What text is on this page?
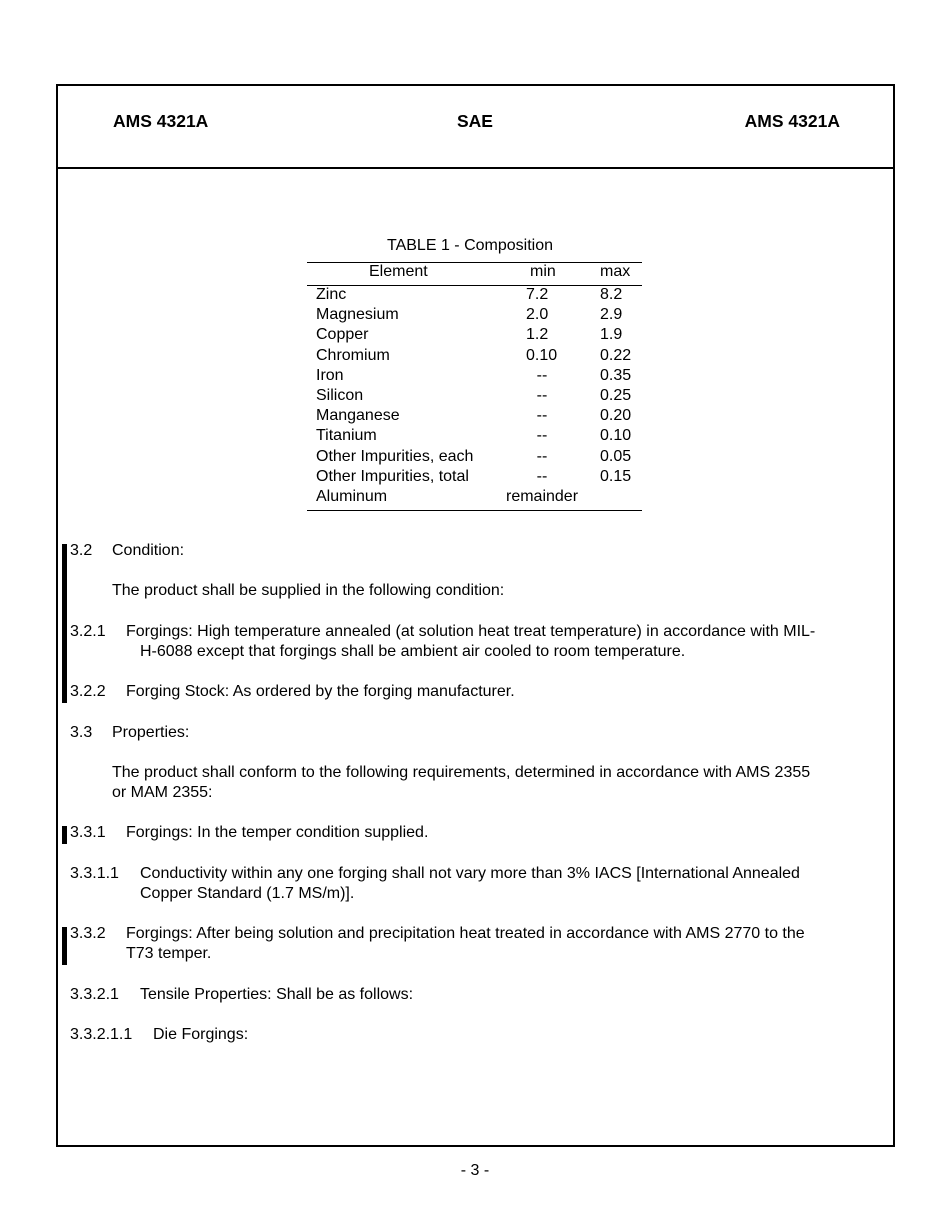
AMS 4321A	SAE	AMS 4321A
TABLE 1 - Composition
Element	min	max
Zinc	7.2	8.2
Magnesium	2.0	2.9
Copper	1.2	1.9
Chromium	0.10	0.22
Iron	--	0.35
Silicon	--	0.25
Manganese	--	0.20
Titanium	--	0.10
Other Impurities, each	--	0.05
Other Impurities, total	--	0.15
Aluminum	remainder
3.2 Condition:
The product shall be supplied in the following condition:
3.2.1 Forgings: High temperature annealed (at solution heat treat temperature) in accordance with MIL-
H-6088 except that forgings shall be ambient air cooled to room temperature.
3.2.2 Forging Stock: As ordered by the forging manufacturer.
3.3 Properties:
The product shall conform to the following requirements, determined in accordance with AMS 2355
or MAM 2355:
3.3.1 Forgings: In the temper condition supplied.
3.3.1.1 Conductivity within any one forging shall not vary more than 3% IACS [International Annealed
Copper Standard (1.7 MS/m)].
3.3.2 Forgings: After being solution and precipitation heat treated in accordance with AMS 2770 to the
T73 temper.
3.3.2.1 Tensile Properties: Shall be as follows:
3.3.2.1.1 Die Forgings:
- 3 -
